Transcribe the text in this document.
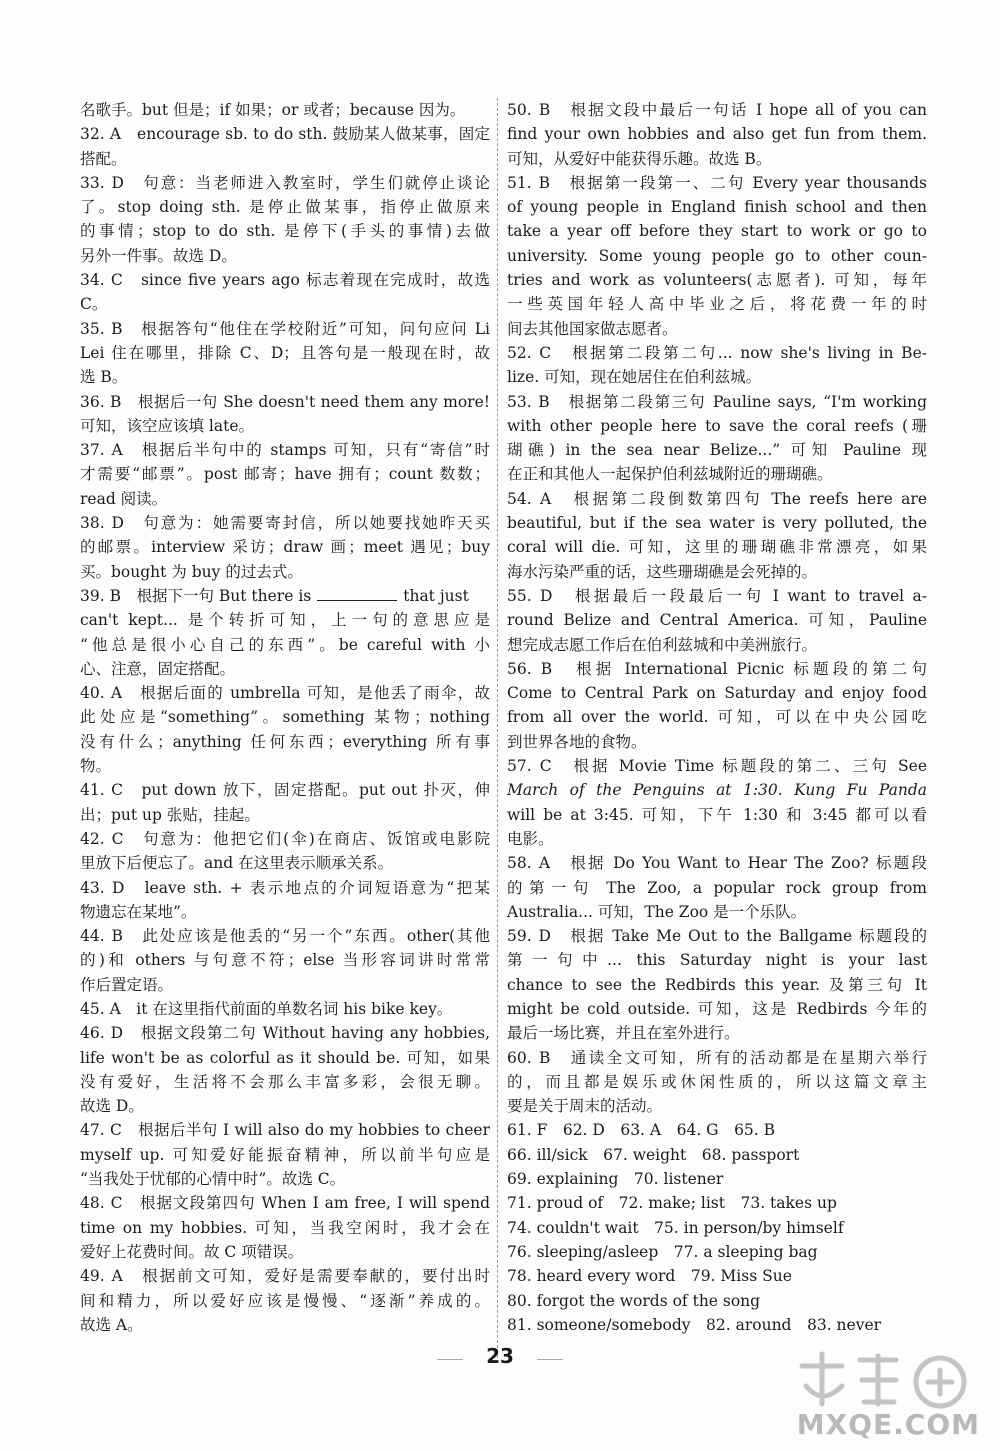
名歌手。but 但是；if 如果；or 或者；because 因为。
32. A　encourage sb. to do sth. 鼓励某人做某事，固定
搭配。
33. D　句意：当老师进入教室时，学生们就停止谈论
了。stop doing sth. 是停止做某事，指停止做原来
的事情；stop to do sth. 是停下(手头的事情)去做
另外一件事。故选 D。
34. C　since five years ago 标志着现在完成时，故选
C。
35. B　根据答句“他住在学校附近”可知，问句应问 Li
Lei 住在哪里，排除 C、D；且答句是一般现在时，故
选 B。
36. B　根据后一句 She doesn't need them any more!
可知，该空应该填 late。
37. A　根据后半句中的 stamps 可知，只有“寄信”时
才需要“邮票”。post 邮寄；have 拥有；count 数数；
read 阅读。
38. D　句意为：她需要寄封信，所以她要找她昨天买
的邮票。interview 采访；draw 画；meet 遇见；buy
买。bought 为 buy 的过去式。
39. B　根据下一句 But there is	that just
can't kept... 是个转折可知，上一句的意思应是
“他总是很小心自己的东西”。be careful with 小
心、注意，固定搭配。
40. A　根据后面的 umbrella 可知，是他丢了雨伞，故
此处应是“something”。something 某物；nothing
没有什么；anything 任何东西；everything 所有事
物。
41. C　put down 放下，固定搭配。put out 扑灭，伸
出；put up 张贴，挂起。
42. C　句意为：他把它们(伞)在商店、饭馆或电影院
里放下后便忘了。and 在这里表示顺承关系。
43. D　leave sth. + 表示地点的介词短语意为“把某
物遗忘在某地”。
44. B　此处应该是他丢的“另一个”东西。other(其他
的)和 others 与句意不符；else 当形容词讲时常常
作后置定语。
45. A　it 在这里指代前面的单数名词 his bike key。
46. D　根据文段第二句 Without having any hobbies,
life won't be as colorful as it should be. 可知，如果
没有爱好，生活将不会那么丰富多彩，会很无聊。
故选 D。
47. C　根据后半句 I will also do my hobbies to cheer
myself up. 可知爱好能振奋精神，所以前半句应是
“当我处于忧郁的心情中时”。故选 C。
48. C　根据文段第四句 When I am free, I will spend
time on my hobbies. 可知，当我空闲时，我才会在
爱好上花费时间。故 C 项错误。
49. A　根据前文可知，爱好是需要奉献的，要付出时
间和精力，所以爱好应该是慢慢、“逐渐”养成的。
故选 A。
50. B　根据文段中最后一句话 I hope all of you can
find your own hobbies and also get fun from them.
可知，从爱好中能获得乐趣。故选 B。
51. B　根据第一段第一、二句 Every year thousands
of young people in England finish school and then
take a year off before they start to work or go to
university. Some young people go to other coun-
tries and work as volunteers(志愿者). 可知，每年
一些英国年轻人高中毕业之后，将花费一年的时
间去其他国家做志愿者。
52. C　根据第二段第二句... now she's living in Be-
lize. 可知，现在她居住在伯利兹城。
53. B　根据第二段第三句 Pauline says, “I'm working
with other people here to save the coral reefs (珊
瑚礁) in the sea near Belize...” 可知 Pauline 现
在正和其他人一起保护伯利兹城附近的珊瑚礁。
54. A　根据第二段倒数第四句 The reefs here are
beautiful, but if the sea water is very polluted, the
coral will die. 可知，这里的珊瑚礁非常漂亮，如果
海水污染严重的话，这些珊瑚礁是会死掉的。
55. D　根据最后一段最后一句 I want to travel a-
round Belize and Central America. 可知，Pauline
想完成志愿工作后在伯利兹城和中美洲旅行。
56. B　根据 International Picnic 标题段的第二句
Come to Central Park on Saturday and enjoy food
from all over the world. 可知，可以在中央公园吃
到世界各地的食物。
57. C　根据 Movie Time 标题段的第二、三句 See
March of the Penguins at 1:30. Kung Fu Panda
will be at 3:45. 可知，下午 1:30 和 3:45 都可以看
电影。
58. A　根据 Do You Want to Hear The Zoo? 标题段
的第一句 The Zoo, a popular rock group from
Australia... 可知，The Zoo 是一个乐队。
59. D　根据 Take Me Out to the Ballgame 标题段的
第一句中... this Saturday night is your last
chance to see the Redbirds this year. 及第三句 It
might be cold outside. 可知，这是 Redbirds 今年的
最后一场比赛，并且在室外进行。
60. B　通读全文可知，所有的活动都是在星期六举行
的，而且都是娱乐或休闲性质的，所以这篇文章主
要是关于周末的活动。
61. F　62. D　63. A　64. G　65. B
66. ill/sick　67. weight　68. passport
69. explaining　70. listener
71. proud of　72. make; list　73. takes up
74. couldn't wait　75. in person/by himself
76. sleeping/asleep　77. a sleeping bag
78. heard every word　79. Miss Sue
80. forgot the words of the song
81. someone/somebody　82. around　83. never
23
MXQE.COM
